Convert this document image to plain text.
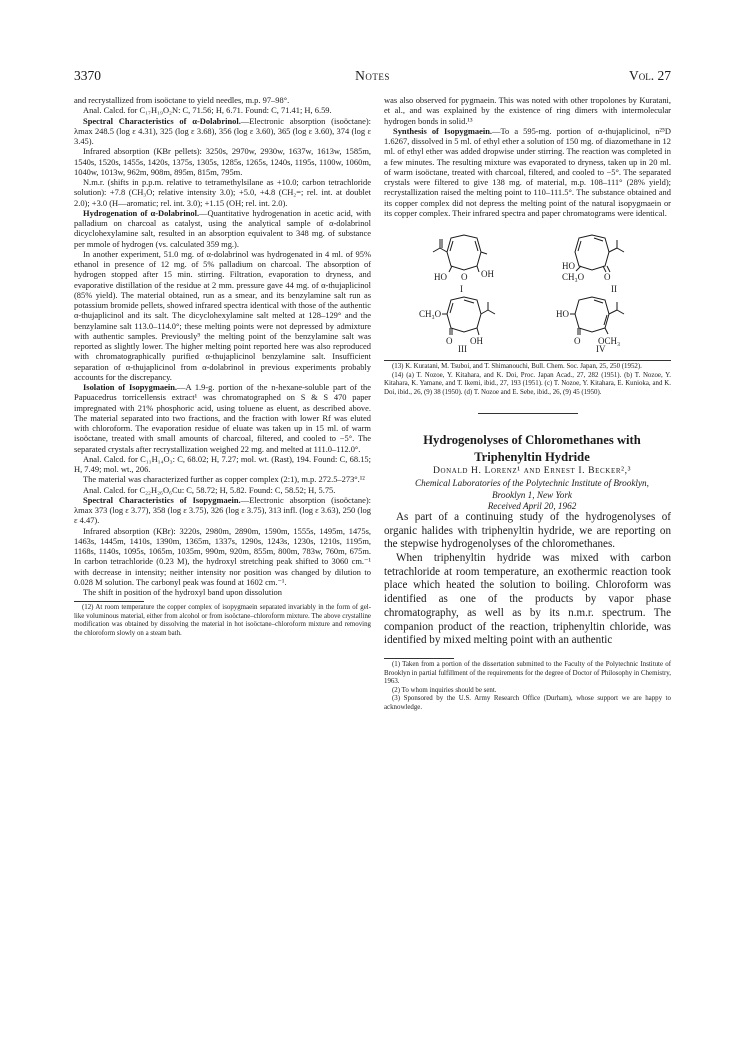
3370	Notes	Vol. 27

and recrystallized from isoöctane to yield needles, m.p. 97–98°.

Anal. Calcd. for C₁₇H₁₉O₂N: C, 71.56; H, 6.71. Found: C, 71.41; H, 6.59.

Spectral Characteristics of α-Dolabrinol.—Electronic absorption (isoöctane): λmax 248.5 (log ε 4.31), 325 (log ε 3.68), 356 (log ε 3.60), 365 (log ε 3.60), 374 (log ε 3.45).

Infrared absorption (KBr pellets): 3250s, 2970w, 2930w, 1637w, 1613w, 1585m, 1540s, 1520s, 1455s, 1420s, 1375s, 1305s, 1285s, 1265s, 1240s, 1195s, 1100w, 1060m, 1040w, 1013w, 962m, 908m, 895m, 815m, 795m.

N.m.r. (shifts in p.p.m. relative to tetramethylsilane as +10.0; carbon tetrachloride solution): +7.8 (CH₃O; relative intensity 3.0); +5.0, +4.8 (CH₂=; rel. int. at doublet 2.0); +3.0 (H—aromatic; rel. int. 3.0); +1.15 (OH; rel. int. 2.0).

Hydrogenation of α-Dolabrinol.—Quantitative hydrogenation in acetic acid, with palladium on charcoal as catalyst, using the analytical sample of α-dolabrinol dicyclohexylamine salt, resulted in an absorption equivalent to 348 mg. of substance per mmole of hydrogen (vs. calculated 359 mg.).

In another experiment, 51.0 mg. of α-dolabrinol was hydrogenated in 4 ml. of 95% ethanol in presence of 12 mg. of 5% palladium on charcoal. The absorption of hydrogen stopped after 15 min. stirring. Filtration, evaporation to dryness, and evaporative distillation of the residue at 2 mm. pressure gave 44 mg. of α-thujaplicinol (85% yield). The material obtained, run as a smear, and its benzylamine salt run as potassium bromide pellets, showed infrared spectra identical with those of the authentic α-thujaplicinol and its salt. The dicyclohexylamine salt melted at 128–129° and the benzylamine salt 113.0–114.0°; these melting points were not depressed by admixture with authentic samples. Previously⁹ the melting point of the benzylamine salt was reported as slightly lower. The higher melting point reported here was also reproduced with chromatographically purified α-thujaplicinol benzylamine salt. Insufficient separation of α-thujaplicinol from α-dolabrinol in previous experiments probably accounts for the discrepancy.

Isolation of Isopygmaein.—A 1.9-g. portion of the n-hexane-soluble part of the Papuacedrus torricellensis extract¹ was chromatographed on S & S 470 paper impregnated with 21% phosphoric acid, using toluene as eluent, as described above. The material separated into two fractions, and the fraction with lower Rf was eluted with chloroform. The evaporation residue of eluate was taken up in 15 ml. of warm isoöctane, treated with small amounts of charcoal, filtered, and cooled to −5°. The separated crystals after recrystallization weighed 22 mg. and melted at 111.0–112.0°.

Anal. Calcd. for C₁₁H₁₄O₃: C, 68.02; H, 7.27; mol. wt. (Rast), 194. Found: C, 68.15; H, 7.49; mol. wt., 206.

The material was characterized further as copper complex (2:1), m.p. 272.5–273°.¹²

Anal. Calcd. for C₂₂H₂₆O₆Cu: C, 58.72; H, 5.82. Found: C, 58.52; H, 5.75.

Spectral Characteristics of Isopygmaein.—Electronic absorption (isoöctane): λmax 373 (log ε 3.77), 358 (log ε 3.75), 326 (log ε 3.75), 313 infl. (log ε 3.63), 250 (log ε 4.47).

Infrared absorption (KBr): 3220s, 2980m, 2890m, 1590m, 1555s, 1495m, 1475s, 1463s, 1445m, 1410s, 1390m, 1365m, 1337s, 1290s, 1243s, 1230s, 1210s, 1195m, 1168s, 1140s, 1095s, 1065m, 1035m, 990m, 920m, 855m, 800m, 783w, 760m, 675m. In carbon tetrachloride (0.23 M), the hydroxyl stretching peak shifted to 3060 cm.⁻¹ with decrease in intensity; neither intensity nor position was changed by dilution to 0.028 M solution. The carbonyl peak was found at 1602 cm.⁻¹.

The shift in position of the hydroxyl band upon dissolution

(12) At room temperature the copper complex of isopygmaein separated invariably in the form of gel-like voluminous material, either from alcohol or from isoöctane–chloroform mixture. The above crystalline modification was obtained by dissolving the material in hot isoöctane–chloroform mixture and removing the chloroform slowly on a steam bath.

was also observed for pygmaein. This was noted with other tropolones by Kuratani, et al., and was explained by the existence of ring dimers with intermolecular hydrogen bonds in solid.¹³

Synthesis of Isopygmaein.—To a 595-mg. portion of α-thujaplicinol, n²⁵D 1.6267, dissolved in 5 ml. of ethyl ether a solution of 150 mg. of diazomethane in 12 ml. of ethyl ether was added dropwise under stirring. The reaction was completed in a few minutes. The resulting mixture was evaporated to dryness, taken up in 20 ml. of warm isoöctane, treated with charcoal, filtered, and cooled to −5°. The separated crystals were filtered to give 138 mg. of material, m.p. 108–111° (28% yield); recrystallization raised the melting point to 110–111.5°. The substance obtained and its copper complex did not depress the melting point of the natural isopygmaein or its copper complex. Their infrared spectra and paper chromatograms were identical.

OH
HO O
I
HO
CH₃O O
II
CH₃O
O OH
III
HO
O OCH₃
IV

(13) K. Kuratani, M. Tsuboi, and T. Shimanouchi, Bull. Chem. Soc. Japan, 25, 250 (1952).

(14) (a) T. Nozoe, Y. Kitahara, and K. Doi, Proc. Japan Acad., 27, 282 (1951). (b) T. Nozoe, Y. Kitahara, K. Yamane, and T. Ikemi, ibid., 27, 193 (1951). (c) T. Nozoe, Y. Kitahara, E. Kunioka, and K. Doi, ibid., 26, (9) 38 (1950). (d) T. Nozoe and E. Sebe, ibid., 26, (9) 45 (1950).

Hydrogenolyses of Chloromethanes with

Triphenyltin Hydride

Donald H. Lorenz¹ and Ernest I. Becker²,³

Chemical Laboratories of the Polytechnic Institute of Brooklyn,

Brooklyn 1, New York

Received April 20, 1962

As part of a continuing study of the hydrogenolyses of organic halides with triphenyltin hydride, we are reporting on the stepwise hydrogenolyses of the chloromethanes.

When triphenyltin hydride was mixed with carbon tetrachloride at room temperature, an exothermic reaction took place which heated the solution to boiling. Chloroform was identified as one of the products by vapor phase chromatography, as well as by its n.m.r. spectrum. The companion product of the reaction, triphenyltin chloride, was identified by mixed melting point with an authentic

(1) Taken from a portion of the dissertation submitted to the Faculty of the Polytechnic Institute of Brooklyn in partial fulfillment of the requirements for the degree of Doctor of Philosophy in Chemistry, 1963.

(2) To whom inquiries should be sent.

(3) Sponsored by the U.S. Army Research Office (Durham), whose support we are happy to acknowledge.
